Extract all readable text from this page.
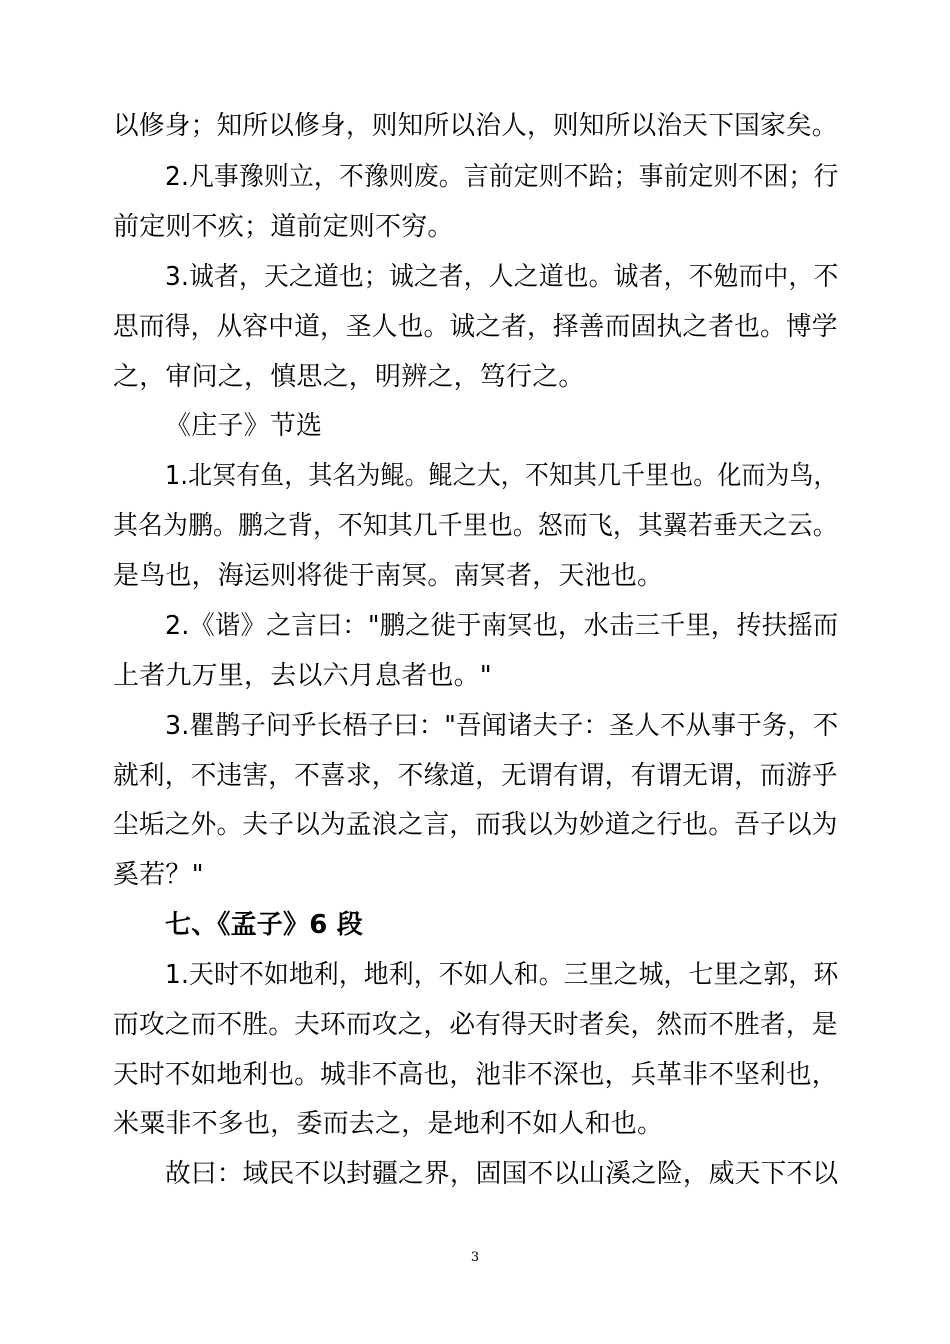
以修身；知所以修身，则知所以治人，则知所以治天下国家矣。
2.凡事豫则立，不豫则废。言前定则不跲；事前定则不困；行
前定则不疚；道前定则不穷。
3.诚者，天之道也；诚之者，人之道也。诚者，不勉而中，不
思而得，从容中道，圣人也。诚之者，择善而固执之者也。博学
之，审问之，慎思之，明辨之，笃行之。
《庄子》节选
1.北冥有鱼，其名为鲲。鲲之大，不知其几千里也。化而为鸟，
其名为鹏。鹏之背，不知其几千里也。怒而飞，其翼若垂天之云。
是鸟也，海运则将徙于南冥。南冥者，天池也。
2.《谐》之言曰："鹏之徙于南冥也，水击三千里，抟扶摇而
上者九万里，去以六月息者也。"
3.瞿鹊子问乎长梧子曰："吾闻诸夫子：圣人不从事于务，不
就利，不违害，不喜求，不缘道，无谓有谓，有谓无谓，而游乎
尘垢之外。夫子以为孟浪之言，而我以为妙道之行也。吾子以为
奚若？"
七、《孟子》6 段
1.天时不如地利，地利，不如人和。三里之城，七里之郭，环
而攻之而不胜。夫环而攻之，必有得天时者矣，然而不胜者，是
天时不如地利也。城非不高也，池非不深也，兵革非不坚利也，
米粟非不多也，委而去之，是地利不如人和也。
故曰：域民不以封疆之界，固国不以山溪之险，威天下不以
3
